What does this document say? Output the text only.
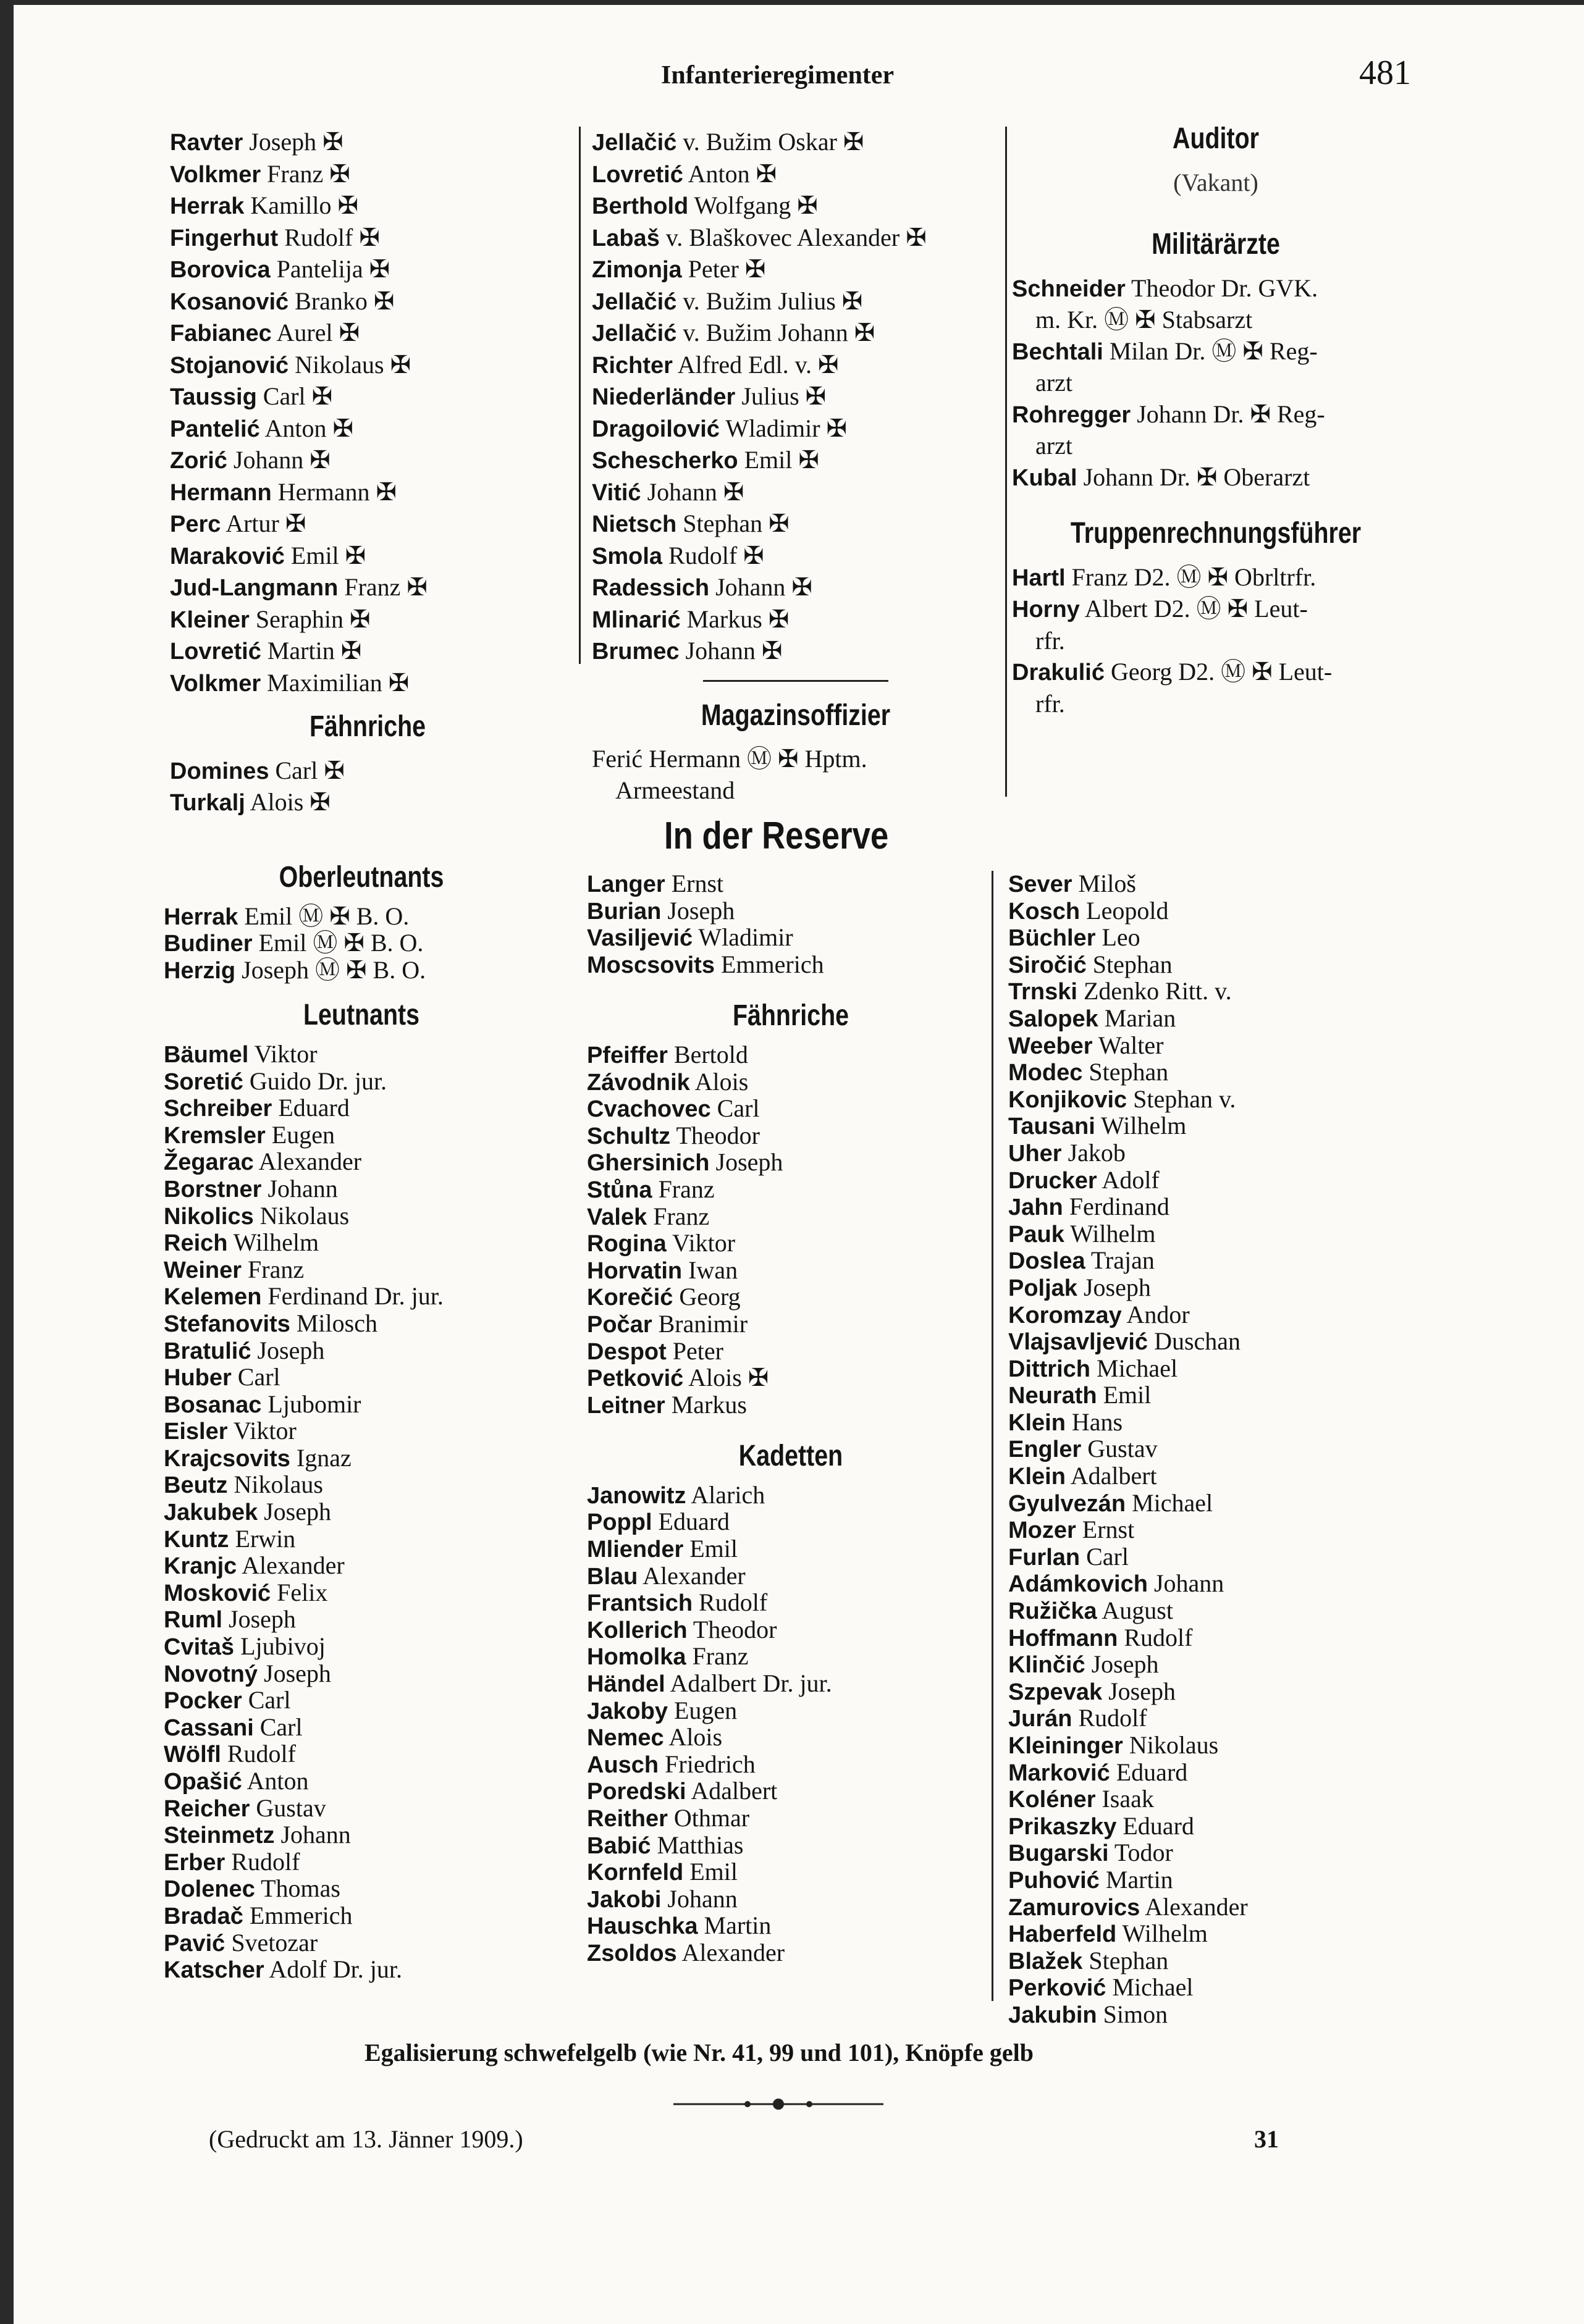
Infanterieregimenter	481
Ravter Joseph ✠
Volkmer Franz ✠
Herrak Kamillo ✠
Fingerhut Rudolf ✠
Borovica Pantelija ✠
Kosanović Branko ✠
Fabianec Aurel ✠
Stojanović Nikolaus ✠
Taussig Carl ✠
Pantelić Anton ✠
Zorić Johann ✠
Hermann Hermann ✠
Perc Artur ✠
Maraković Emil ✠
Jud-Langmann Franz ✠
Kleiner Seraphin ✠
Lovretić Martin ✠
Volkmer Maximilian ✠
Fähnriche
Domines Carl ✠
Turkalj Alois ✠
Jellačić v. Bužim Oskar ✠
Lovretić Anton ✠
Berthold Wolfgang ✠
Labaš v. Blaškovec Alexander ✠
Zimonja Peter ✠
Jellačić v. Bužim Julius ✠
Jellačić v. Bužim Johann ✠
Richter Alfred Edl. v. ✠
Niederländer Julius ✠
Dragoilović Wladimir ✠
Schescherko Emil ✠
Vitić Johann ✠
Nietsch Stephan ✠
Smola Rudolf ✠
Radessich Johann ✠
Mlinarić Markus ✠
Brumec Johann ✠
Magazinsoffizier
Ferić Hermann Ⓜ ✠ Hptm.
Armeestand
Auditor
(Vakant)
Militärärzte
Schneider Theodor Dr. GVK.
m. Kr. Ⓜ ✠ Stabsarzt
Bechtali Milan Dr. Ⓜ ✠ Reg-
arzt
Rohregger Johann Dr. ✠ Reg-
arzt
Kubal Johann Dr. ✠ Oberarzt
Truppenrechnungsführer
Hartl Franz D2. Ⓜ ✠ Obrltrfr.
Horny Albert D2. Ⓜ ✠ Leut-
rfr.
Drakulić Georg D2. Ⓜ ✠ Leut-
rfr.
In der Reserve
Oberleutnants
Herrak Emil Ⓜ ✠ B. O.
Budiner Emil Ⓜ ✠ B. O.
Herzig Joseph Ⓜ ✠ B. O.
Leutnants
Bäumel Viktor
Soretić Guido Dr. jur.
Schreiber Eduard
Kremsler Eugen
Žegarac Alexander
Borstner Johann
Nikolics Nikolaus
Reich Wilhelm
Weiner Franz
Kelemen Ferdinand Dr. jur.
Stefanovits Milosch
Bratulić Joseph
Huber Carl
Bosanac Ljubomir
Eisler Viktor
Krajcsovits Ignaz
Beutz Nikolaus
Jakubek Joseph
Kuntz Erwin
Kranjc Alexander
Mosković Felix
Ruml Joseph
Cvitaš Ljubivoj
Novotný Joseph
Pocker Carl
Cassani Carl
Wölfl Rudolf
Opašić Anton
Reicher Gustav
Steinmetz Johann
Erber Rudolf
Dolenec Thomas
Bradač Emmerich
Pavić Svetozar
Katscher Adolf Dr. jur.
Langer Ernst
Burian Joseph
Vasiljević Wladimir
Moscsovits Emmerich
Fähnriche
Pfeiffer Bertold
Závodnik Alois
Cvachovec Carl
Schultz Theodor
Ghersinich Joseph
Stůna Franz
Valek Franz
Rogina Viktor
Horvatin Iwan
Korečić Georg
Počar Branimir
Despot Peter
Petković Alois ✠
Leitner Markus
Kadetten
Janowitz Alarich
Poppl Eduard
Mliender Emil
Blau Alexander
Frantsich Rudolf
Kollerich Theodor
Homolka Franz
Händel Adalbert Dr. jur.
Jakoby Eugen
Nemec Alois
Ausch Friedrich
Poredski Adalbert
Reither Othmar
Babić Matthias
Kornfeld Emil
Jakobi Johann
Hauschka Martin
Zsoldos Alexander
Sever Miloš
Kosch Leopold
Büchler Leo
Siročić Stephan
Trnski Zdenko Ritt. v.
Salopek Marian
Weeber Walter
Modec Stephan
Konjikovic Stephan v.
Tausani Wilhelm
Uher Jakob
Drucker Adolf
Jahn Ferdinand
Pauk Wilhelm
Doslea Trajan
Poljak Joseph
Koromzay Andor
Vlajsavljević Duschan
Dittrich Michael
Neurath Emil
Klein Hans
Engler Gustav
Klein Adalbert
Gyulvezán Michael
Mozer Ernst
Furlan Carl
Adámkovich Johann
Ružička August
Hoffmann Rudolf
Klinčić Joseph
Szpevak Joseph
Jurán Rudolf
Kleininger Nikolaus
Marković Eduard
Koléner Isaak
Prikaszky Eduard
Bugarski Todor
Puhović Martin
Zamurovics Alexander
Haberfeld Wilhelm
Blažek Stephan
Perković Michael
Jakubin Simon
Egalisierung schwefelgelb (wie Nr. 41, 99 und 101), Knöpfe gelb
(Gedruckt am 13. Jänner 1909.)	31
